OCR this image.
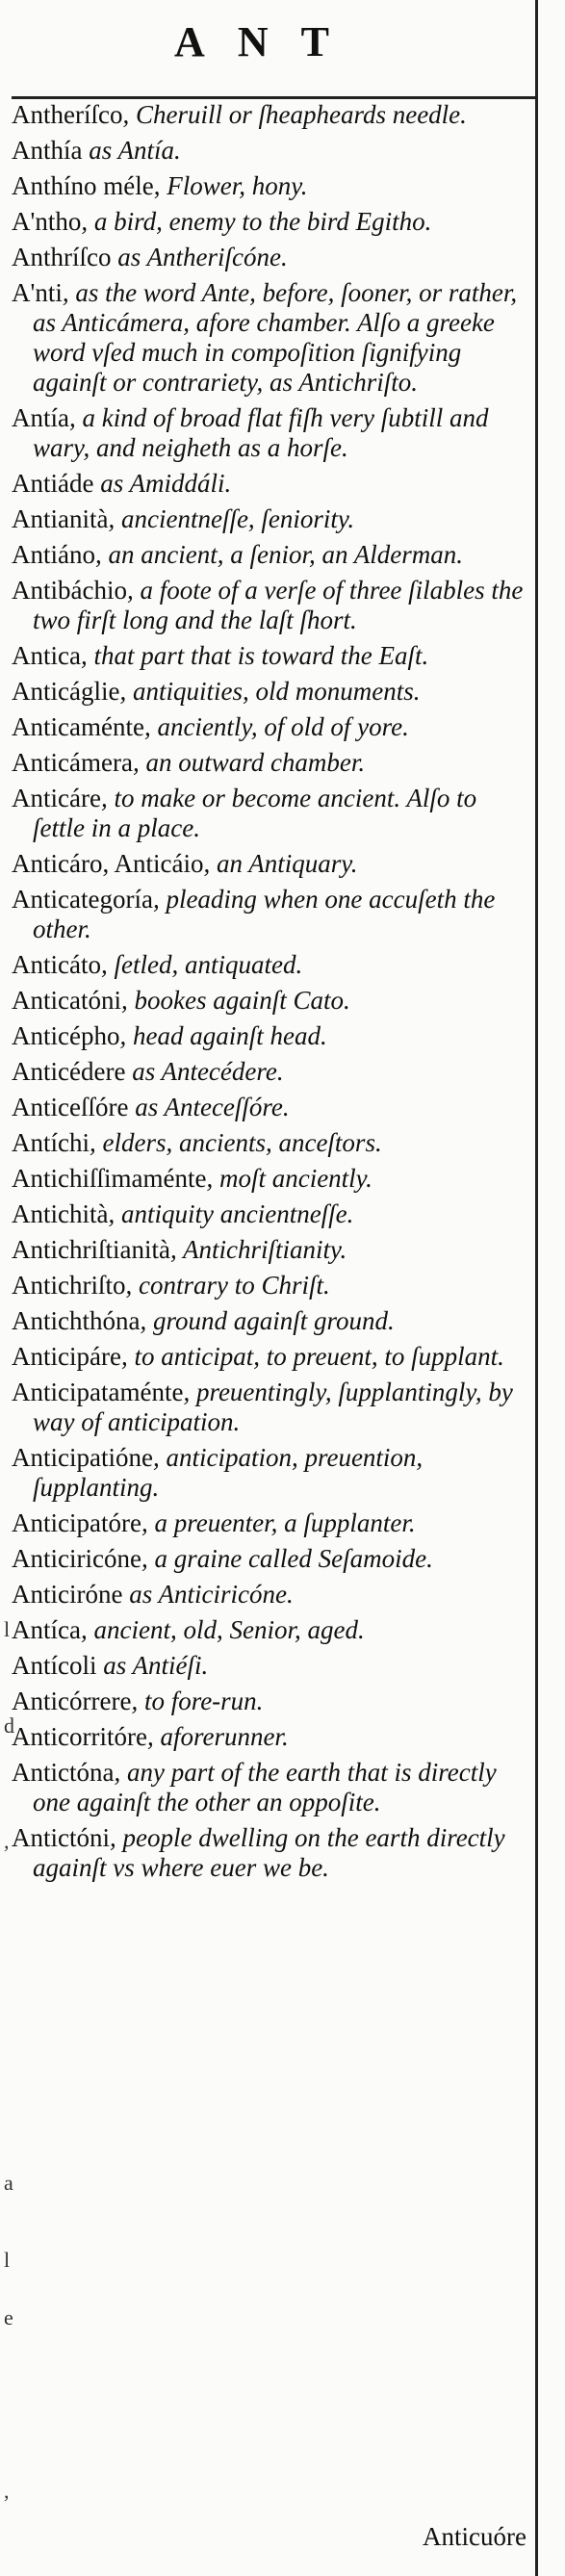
ANT
l
d
,
a
l
e
,
Antheríſco, Cheruill or ſheapheards needle.
Anthía as Antía.
Anthíno méle, Flower, hony.
A'ntho, a bird, enemy to the bird Egitho.
Anthríſco as Antheriſcóne.
A'nti, as the word Ante, before, ſooner, or rather, as Anticámera, afore chamber. Alſo a greeke word vſed much in compoſition ſignifying againſt or contrariety, as Antichriſto.
Antía, a kind of broad flat fiſh very ſubtill and wary, and neigheth as a horſe.
Antiáde as Amiddáli.
Antianità, ancientneſſe, ſeniority.
Antiáno, an ancient, a ſenior, an Alderman.
Antibáchio, a foote of a verſe of three ſilables the two firſt long and the laſt ſhort.
Antica, that part that is toward the Eaſt.
Anticáglie, antiquities, old monuments.
Anticaménte, anciently, of old of yore.
Anticámera, an outward chamber.
Anticáre, to make or become ancient. Alſo to ſettle in a place.
Anticáro, Anticáio, an Antiquary.
Anticategoría, pleading when one accuſeth the other.
Anticáto, ſetled, antiquated.
Anticatóni, bookes againſt Cato.
Anticépho, head againſt head.
Anticédere as Antecédere.
Anticeſſóre as Anteceſſóre.
Antíchi, elders, ancients, anceſtors.
Antichiſſimaménte, moſt anciently.
Antichità, antiquity ancientneſſe.
Antichriſtianità, Antichriſtianity.
Antichriſto, contrary to Chriſt.
Antichthóna, ground againſt ground.
Anticipáre, to anticipat, to preuent, to ſupplant.
Anticipataménte, preuentingly, ſupplantingly, by way of anticipation.
Anticipatióne, anticipation, preuention, ſupplanting.
Anticipatóre, a preuenter, a ſupplanter.
Anticiricóne, a graine called Seſamoide.
Anticiróne as Anticiricóne.
Antíca, ancient, old, Senior, aged.
Antícoli as Antiéſi.
Anticórrere, to fore-run.
Anticorritóre, aforerunner.
Antictóna, any part of the earth that is directly one againſt the other an oppoſite.
Antictóni, people dwelling on the earth directly againſt vs where euer we be.
Anticuóre
